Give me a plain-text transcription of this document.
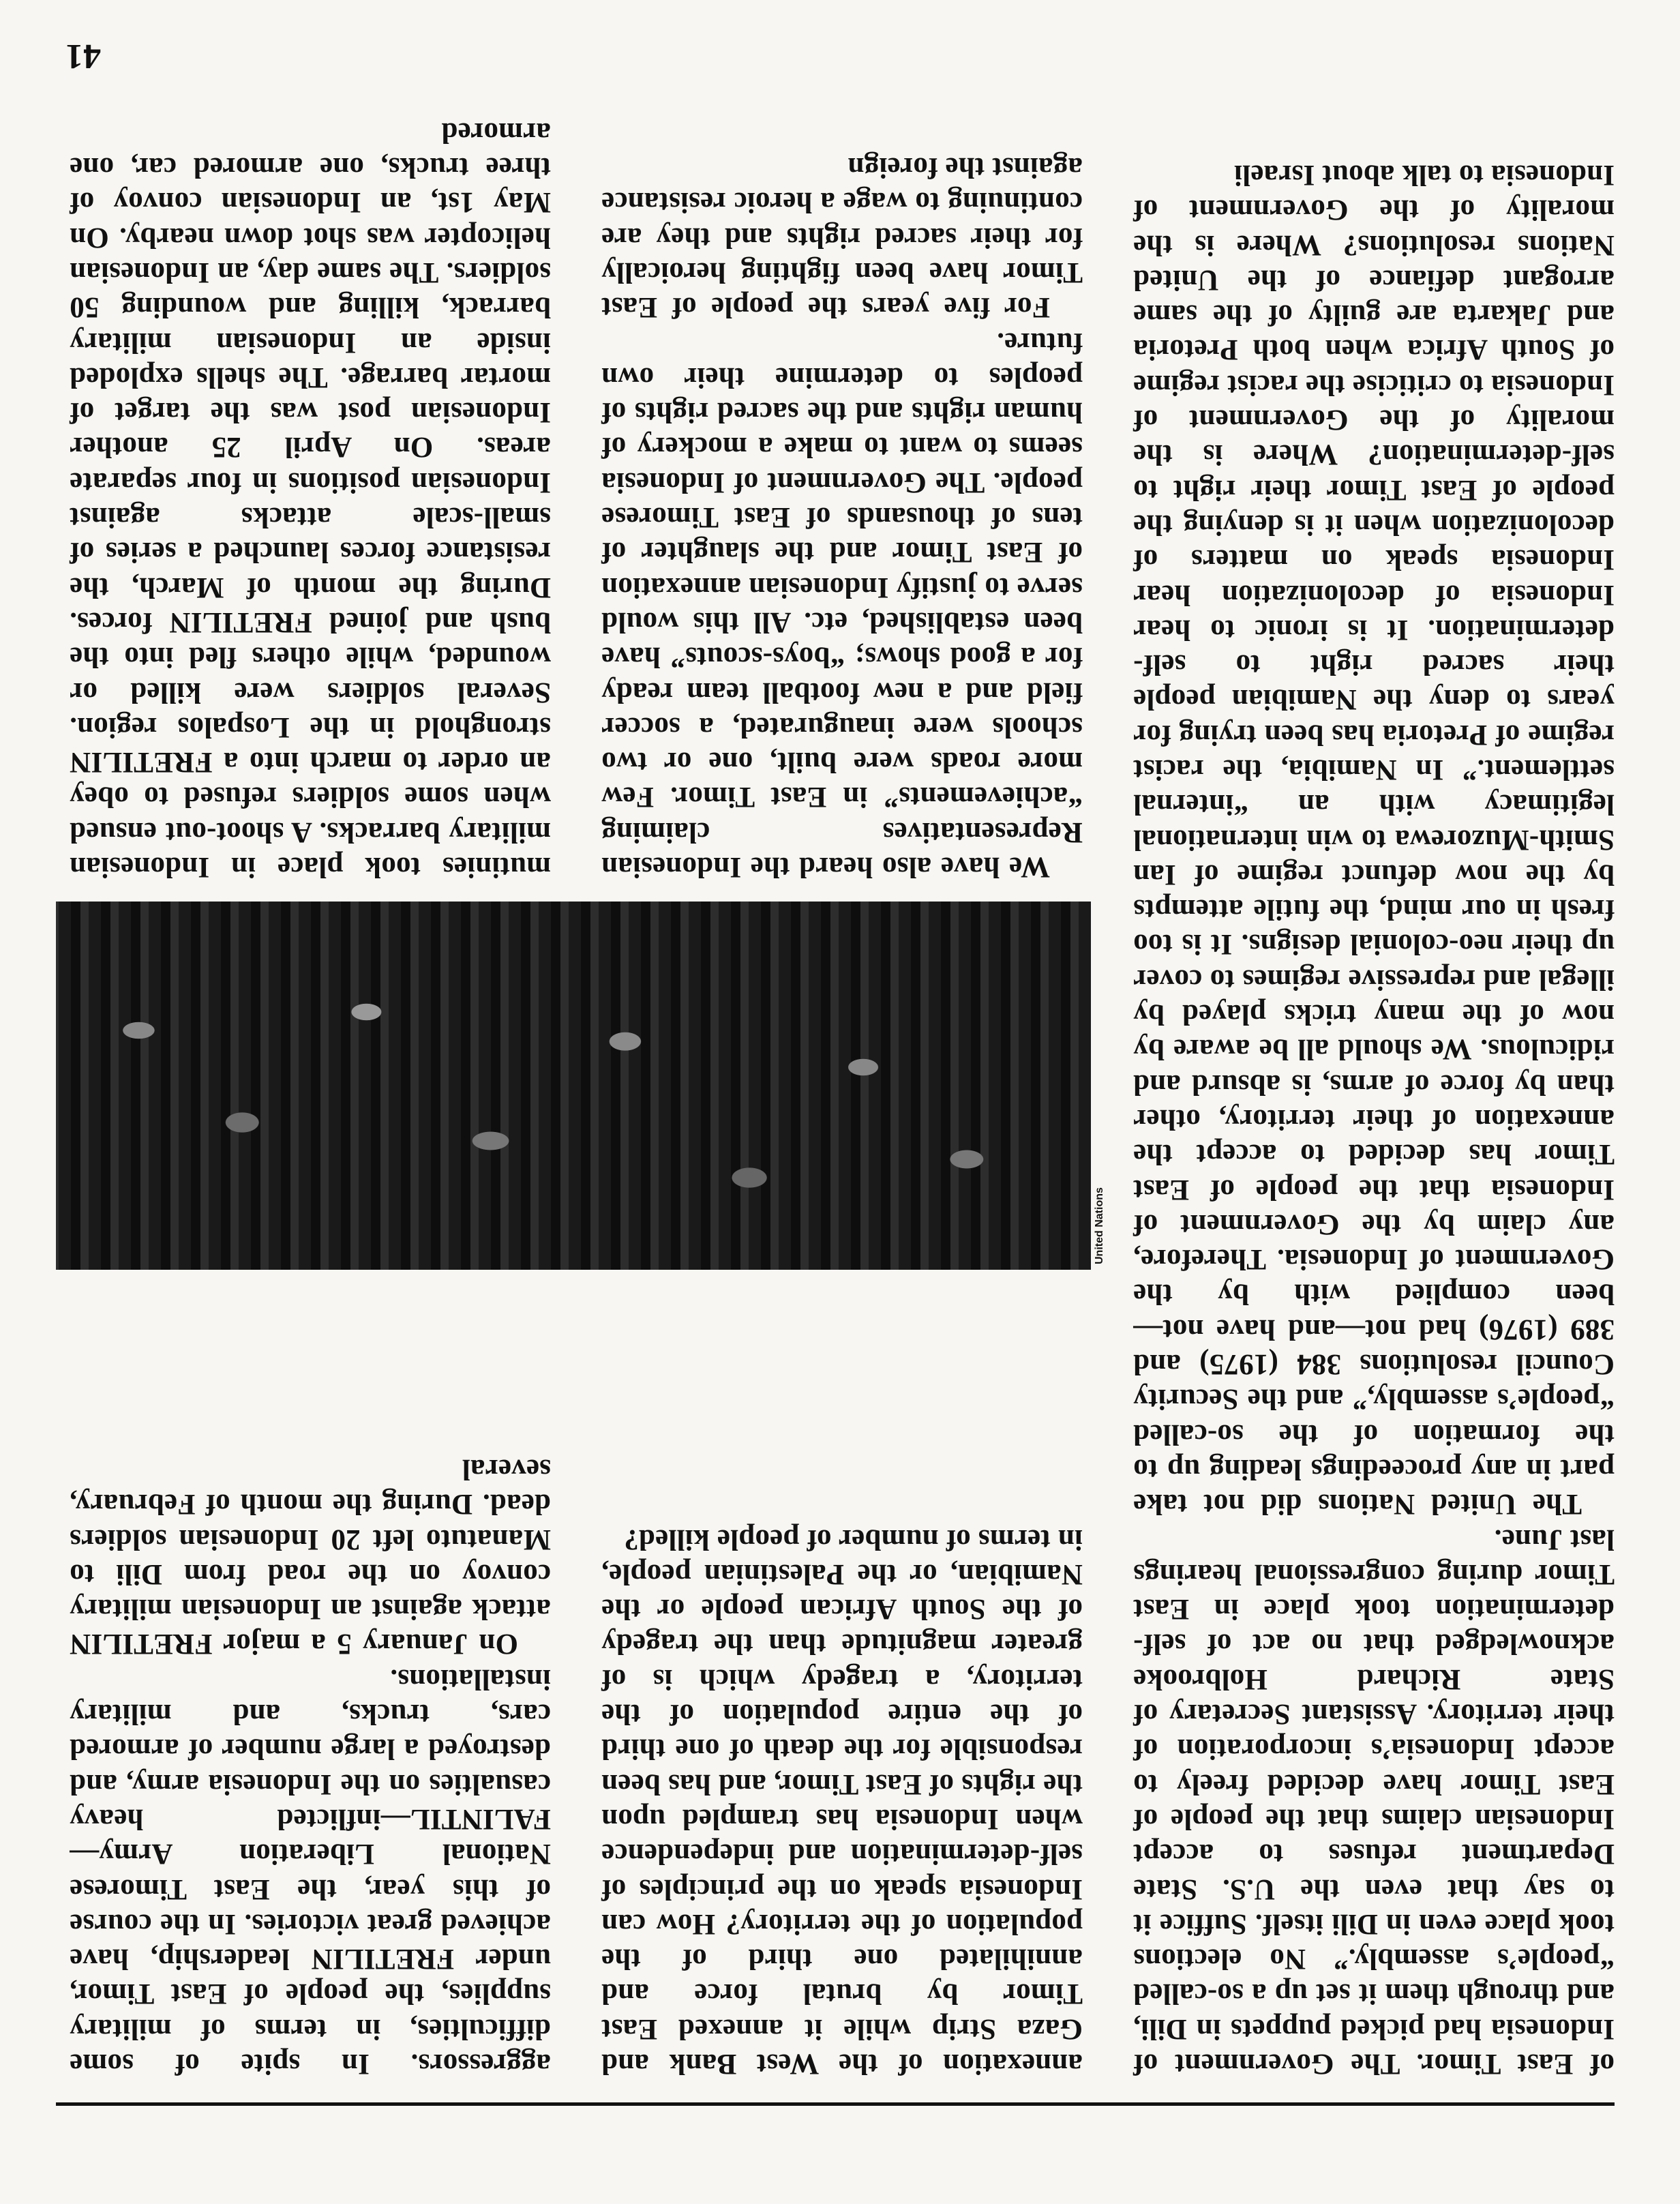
of East Timor. The Government of Indonesia had picked puppets in Dili, and through them it set up a so-called “people’s assembly.” No elections took place even in Dili itself. Suffice it to say that even the U.S. State Department refuses to accept Indonesian claims that the people of East Timor have decided freely to accept Indonesia’s incorporation of their territory. Assistant Secretary of State Richard Holbrooke acknowledged that no act of self-determination took place in East Timor during congressional hearings last June.

The United Nations did not take part in any proceedings leading up to the formation of the so-called “people’s assembly,” and the Security Council resolutions 384 (1975) and 389 (1976) had not—and have not—been complied with by the Government of Indonesia. Therefore, any claim by the Government of Indonesia that the people of East Timor has decided to accept the annexation of their territory, other than by force of arms, is absurd and ridiculous. We should all be aware by now of the many tricks played by illegal and repressive regimes to cover up their neo-colonial designs. It is too fresh in our mind, the futile attempts by the now defunct regime of Ian Smith-Muzorewa to win international legitimacy with an “internal settlement.” In Namibia, the racist regime of Pretoria has been trying for years to deny the Namibian people their sacred right to self-determination. It is ironic to hear Indonesia of decolonization hear Indonesia speak on matters of decolonization when it is denying the people of East Timor their right to self-determination? Where is the morality of the Government of Indonesia to criticise the racist regime of South Africa when both Pretoria and Jakarta are guilty of the same arrogant defiance of the United Nations resolutions? Where is the morality of the Government of Indonesia to talk about Israeli

annexation of the West Bank and Gaza Strip while it annexed East Timor by brutal force and annihilated one third of the population of the territory? How can Indonesia speak on the principles of self-determination and independence when Indonesia has trampled upon the rights of East Timor, and has been responsible for the death of one third of the entire population of the territory, a tragedy which is of greater magnitude than the tragedy of the South African people or the Namibian, or the Palestinian people, in terms of number of people killed?

aggressors. In spite of some difficulties, in terms of military supplies, the people of East Timor, under FRETILIN leadership, have achieved great victories. In the course of this year, the East Timorese National Liberation Army—FALINTIL—inflicted heavy casualties on the Indonesia army, and destroyed a large number of armored cars, trucks, and military installations.

On January 5 a major FRETILIN attack against an Indonesian military convoy on the road from Dili to Manatuto left 20 Indonesian soldiers dead. During the month of February, several

United Nations

We have also heard the Indonesian Representatives claiming “achievements” in East Timor. Few more roads were built, one or two schools were inaugurated, a soccer field and a new football team ready for a good shows; “boys-scouts” have been established, etc. All this would serve to justify Indonesian annexation of East Timor and the slaughter of tens of thousands of East Timorese people. The Government of Indonesia seems to want to make a mockery of human rights and the sacred rights of peoples to determine their own future.

For five years the people of East Timor have been fighting heroically for their sacred rights and they are continuing to wage a heroic resistance against the foreign

mutinies took place in Indonesian military barracks. A shoot-out ensued when some soldiers refused to obey an order to march into a FRETILIN stronghold in the Lospalos region. Several soldiers were killed or wounded, while others fled into the bush and joined FRETILIN forces. During the month of March, the resistance forces launched a series of small-scale attacks against Indonesian positions in four separate areas. On April 25 another Indonesian post was the target of mortar barrage. The shells exploded inside an Indonesian military barrack, killing and wounding 50 soldiers. The same day, an Indonesian helicopter was shot down nearby. On May 1st, an Indonesian convoy of three trucks, one armored car, one armored

41
